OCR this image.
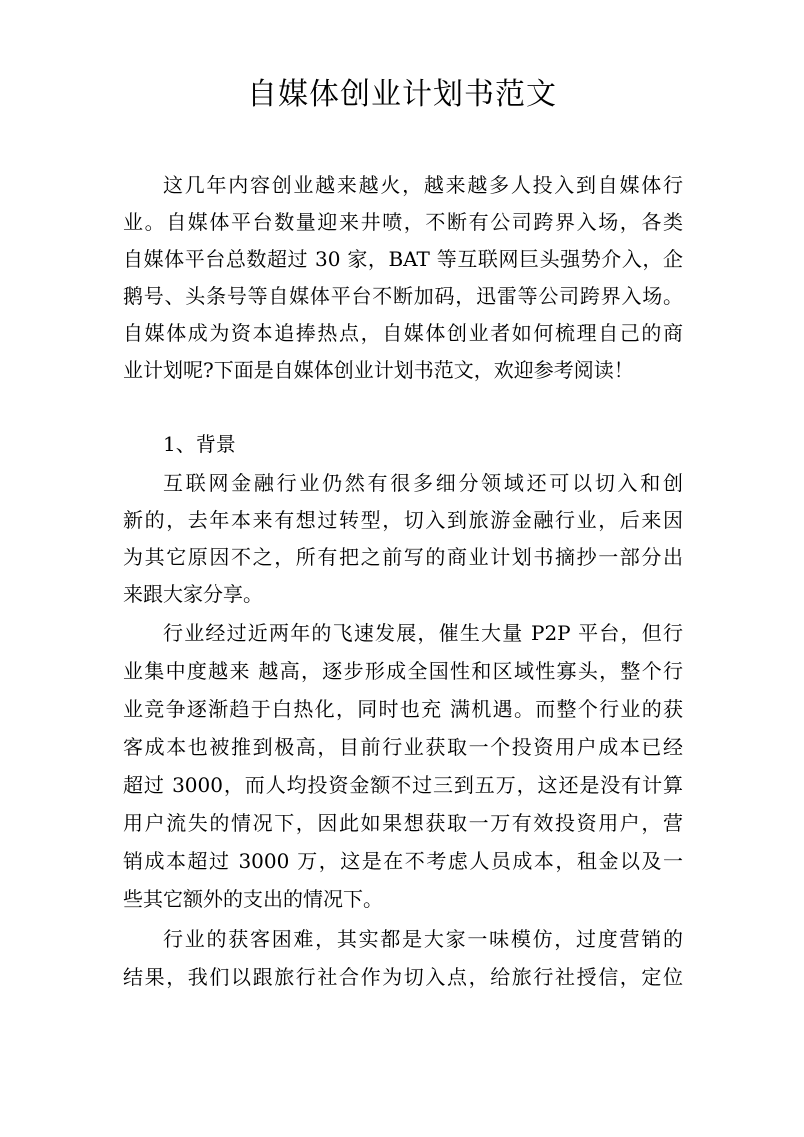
自媒体创业计划书范文
这几年内容创业越来越火，越来越多人投入到自媒体行
业。自媒体平台数量迎来井喷，不断有公司跨界入场，各类
自媒体平台总数超过 30 家，BAT 等互联网巨头强势介入，企
鹅号、头条号等自媒体平台不断加码，迅雷等公司跨界入场。
自媒体成为资本追捧热点，自媒体创业者如何梳理自己的商
业计划呢?下面是自媒体创业计划书范文，欢迎参考阅读！
1、背景
互联网金融行业仍然有很多细分领域还可以切入和创
新的，去年本来有想过转型，切入到旅游金融行业，后来因
为其它原因不之，所有把之前写的商业计划书摘抄一部分出
来跟大家分享。
行业经过近两年的飞速发展，催生大量 P2P 平台，但行
业集中度越来 越高，逐步形成全国性和区域性寡头，整个行
业竞争逐渐趋于白热化，同时也充 满机遇。而整个行业的获
客成本也被推到极高，目前行业获取一个投资用户成本已经
超过 3000，而人均投资金额不过三到五万，这还是没有计算
用户流失的情况下，因此如果想获取一万有效投资用户，营
销成本超过 3000 万，这是在不考虑人员成本，租金以及一
些其它额外的支出的情况下。
行业的获客困难，其实都是大家一味模仿，过度营销的
结果，我们以跟旅行社合作为切入点，给旅行社授信，定位
